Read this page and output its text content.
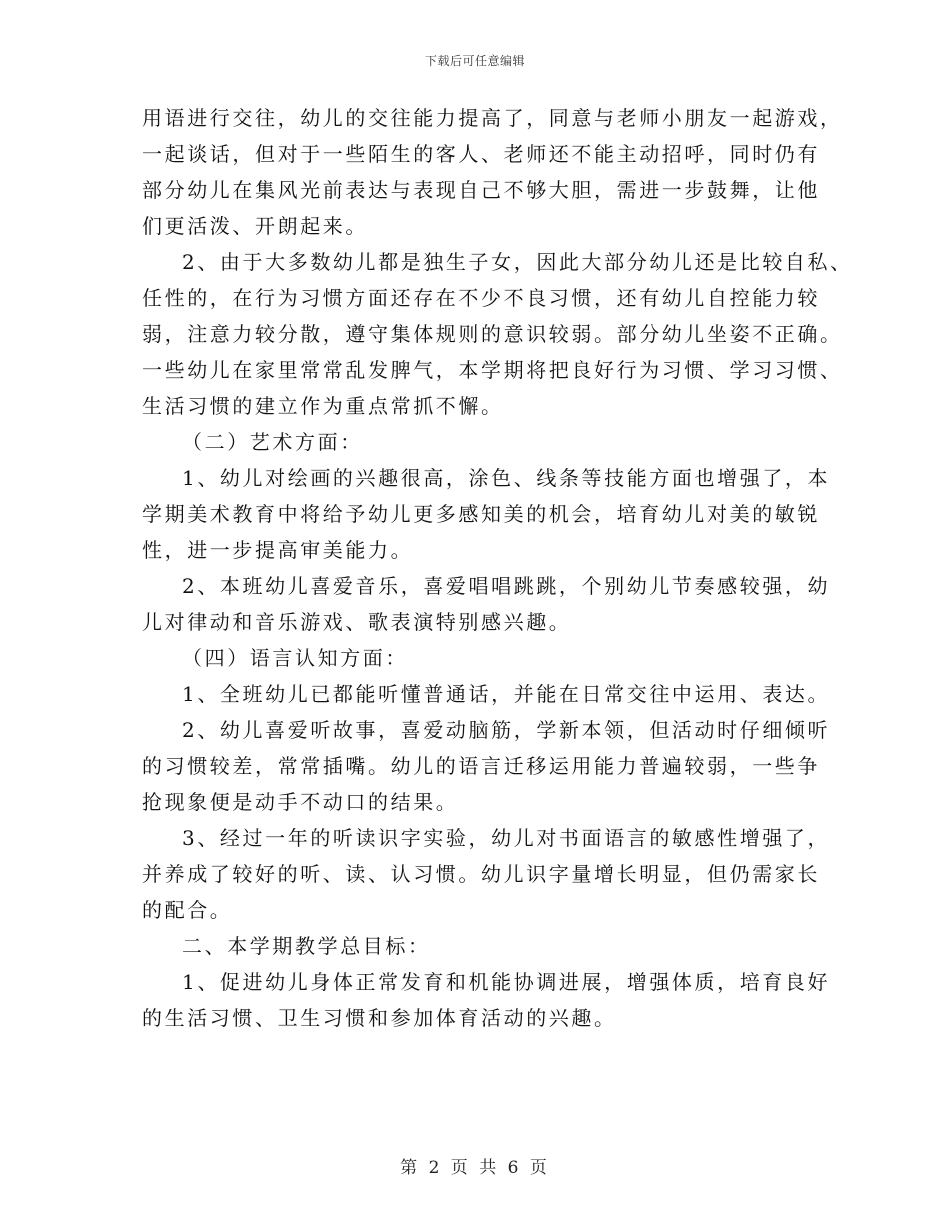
下载后可任意编辑
用语进行交往，幼儿的交往能力提高了，同意与老师小朋友一起游戏，
一起谈话，但对于一些陌生的客人、老师还不能主动招呼，同时仍有
部分幼儿在集风光前表达与表现自己不够大胆，需进一步鼓舞，让他
们更活泼、开朗起来。
2、由于大多数幼儿都是独生子女，因此大部分幼儿还是比较自私、
任性的，在行为习惯方面还存在不少不良习惯，还有幼儿自控能力较
弱，注意力较分散，遵守集体规则的意识较弱。部分幼儿坐姿不正确。
一些幼儿在家里常常乱发脾气，本学期将把良好行为习惯、学习习惯、
生活习惯的建立作为重点常抓不懈。
（二）艺术方面：
1、幼儿对绘画的兴趣很高，涂色、线条等技能方面也增强了，本
学期美术教育中将给予幼儿更多感知美的机会，培育幼儿对美的敏锐
性，进一步提高审美能力。
2、本班幼儿喜爱音乐，喜爱唱唱跳跳，个别幼儿节奏感较强，幼
儿对律动和音乐游戏、歌表演特别感兴趣。
（四）语言认知方面：
1、全班幼儿已都能听懂普通话，并能在日常交往中运用、表达。
2、幼儿喜爱听故事，喜爱动脑筋，学新本领，但活动时仔细倾听
的习惯较差，常常插嘴。幼儿的语言迁移运用能力普遍较弱，一些争
抢现象便是动手不动口的结果。
3、经过一年的听读识字实验，幼儿对书面语言的敏感性增强了，
并养成了较好的听、读、认习惯。幼儿识字量增长明显，但仍需家长
的配合。
二、本学期教学总目标：
1、促进幼儿身体正常发育和机能协调进展，增强体质，培育良好
的生活习惯、卫生习惯和参加体育活动的兴趣。
第 2 页 共 6 页
